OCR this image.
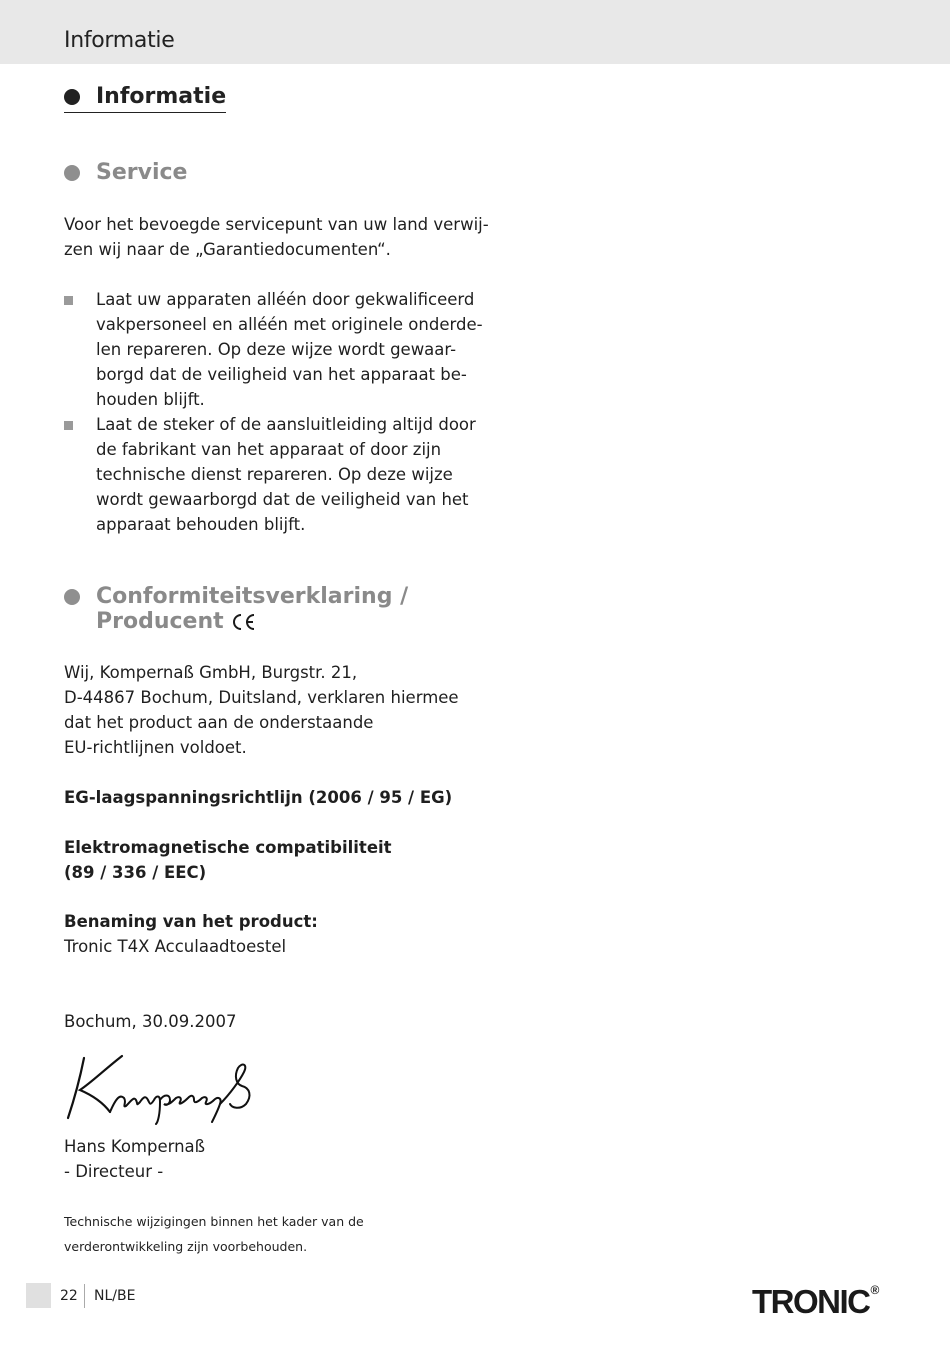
Informatie
Informatie
Service
Voor het bevoegde servicepunt van uw land verwij-
zen wij naar de „Garantiedocumenten“.
Laat uw apparaten alléén door gekwalificeerd
vakpersoneel en alléén met originele onderde-
len repareren. Op deze wijze wordt gewaar-
borgd dat de veiligheid van het apparaat be-
houden blijft.
Laat de steker of de aansluitleiding altijd door
de fabrikant van het apparaat of door zijn
technische dienst repareren. Op deze wijze
wordt gewaarborgd dat de veiligheid van het
apparaat behouden blijft.
Conformiteitsverklaring /
Producent
Wij, Kompernaß GmbH, Burgstr. 21,
D-44867 Bochum, Duitsland, verklaren hiermee
dat het product aan de onderstaande
EU-richtlijnen voldoet.
EG-laagspanningsrichtlijn (2006 / 95 / EG)
Elektromagnetische compatibiliteit
(89 / 336 / EEC)
Benaming van het product:
Tronic T4X Acculaadtoestel
Bochum, 30.09.2007
Hans Kompernaß
- Directeur -
Technische wijzigingen binnen het kader van de
verderontwikkeling zijn voorbehouden.
22 NL/BE	TRONIC®
